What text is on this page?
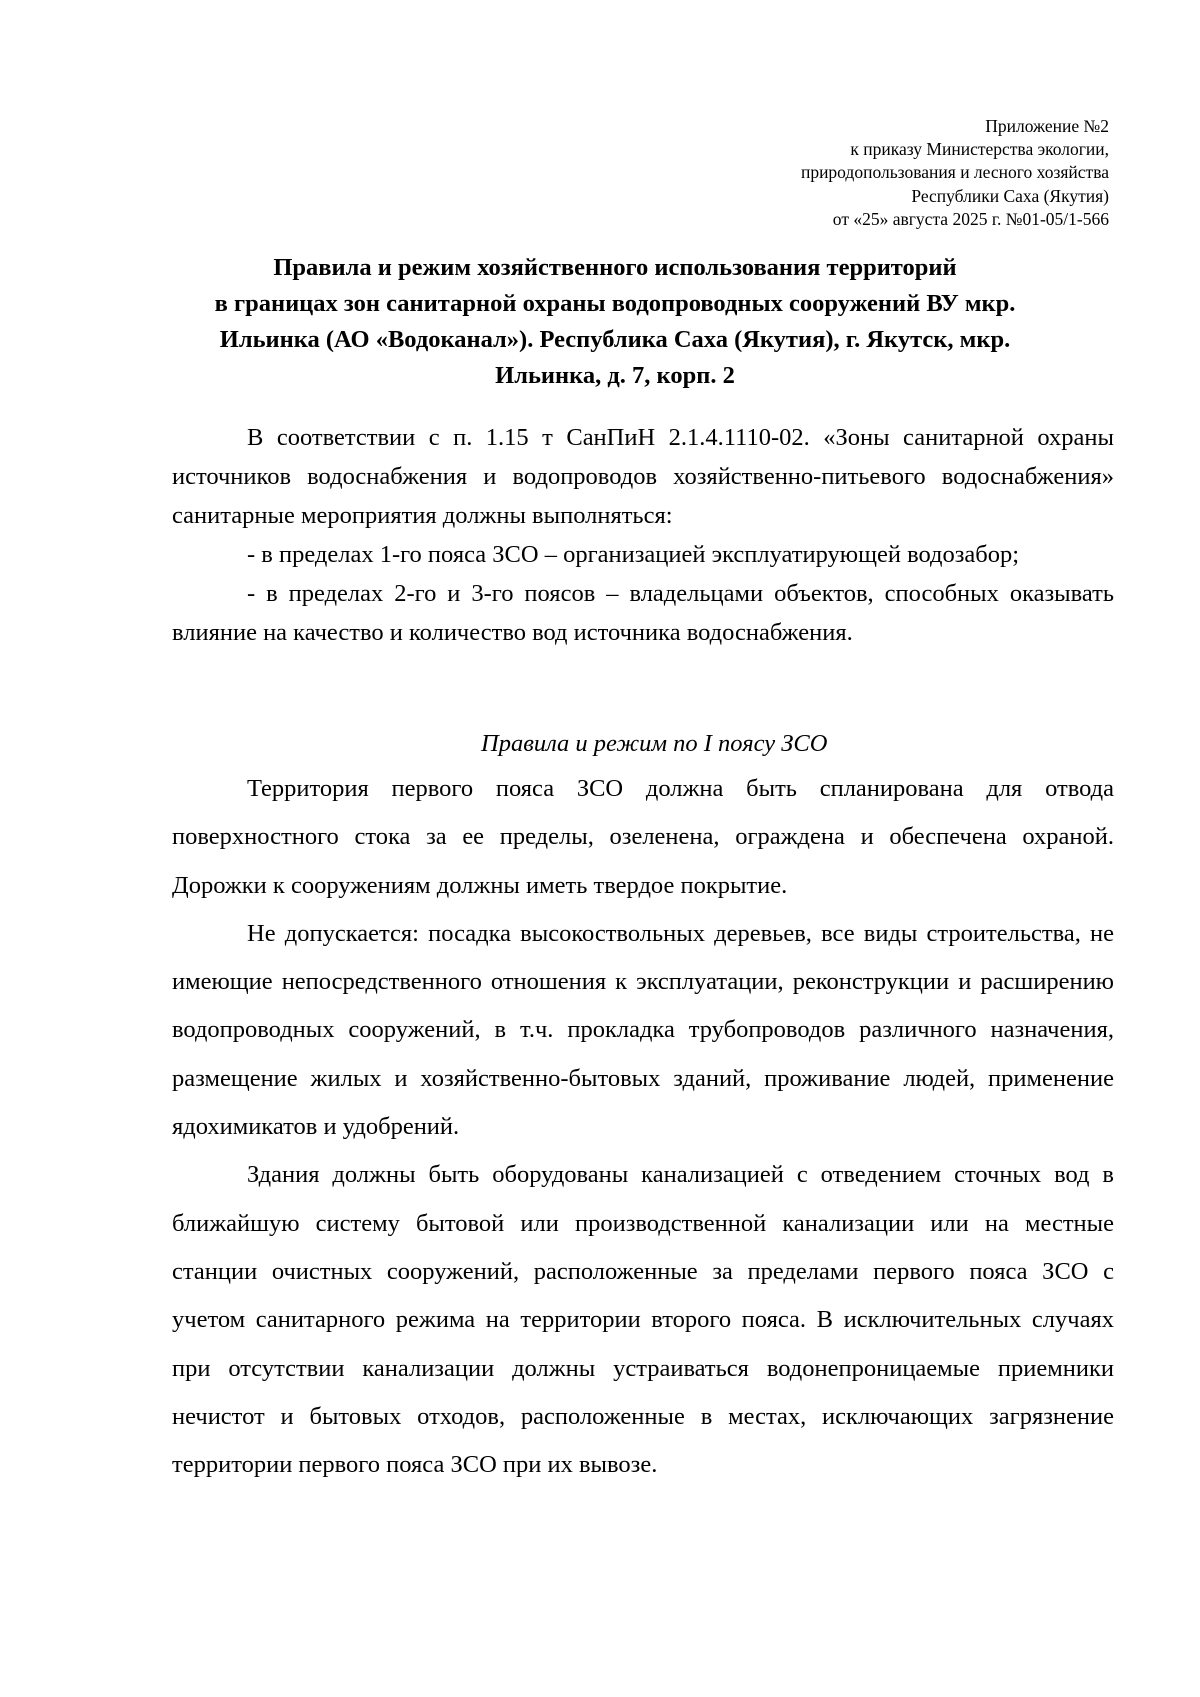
Приложение №2
к приказу Министерства экологии,
природопользования и лесного хозяйства
Республики Саха (Якутия)
от «25» августа 2025 г. №01-05/1-566
Правила и режим хозяйственного использования территорий
в границах зон санитарной охраны водопроводных сооружений ВУ мкр.
Ильинка (АО «Водоканал»). Республика Саха (Якутия), г. Якутск, мкр.
Ильинка, д. 7, корп. 2

В соответствии с п. 1.15 т СанПиН 2.1.4.1110-02. «Зоны санитарной охраны источников водоснабжения и водопроводов хозяйственно-питьевого водоснабжения» санитарные мероприятия должны выполняться:

- в пределах 1-го пояса ЗСО – организацией эксплуатирующей водозабор;

- в пределах 2-го и 3-го поясов – владельцами объектов, способных оказывать влияние на качество и количество вод источника водоснабжения.

Правила и режим по I поясу ЗСО

Территория первого пояса ЗСО должна быть спланирована для отвода поверхностного стока за ее пределы, озеленена, ограждена и обеспечена охраной. Дорожки к сооружениям должны иметь твердое покрытие.

Не допускается: посадка высокоствольных деревьев, все виды строительства, не имеющие непосредственного отношения к эксплуатации, реконструкции и расширению водопроводных сооружений, в т.ч. прокладка трубопроводов различного назначения, размещение жилых и хозяйственно-бытовых зданий, проживание людей, применение ядохимикатов и удобрений.

Здания должны быть оборудованы канализацией с отведением сточных вод в ближайшую систему бытовой или производственной канализации или на местные станции очистных сооружений, расположенные за пределами первого пояса ЗСО с учетом санитарного режима на территории второго пояса. В исключительных случаях при отсутствии канализации должны устраиваться водонепроницаемые приемники нечистот и бытовых отходов, расположенные в местах, исключающих загрязнение территории первого пояса ЗСО при их вывозе.
